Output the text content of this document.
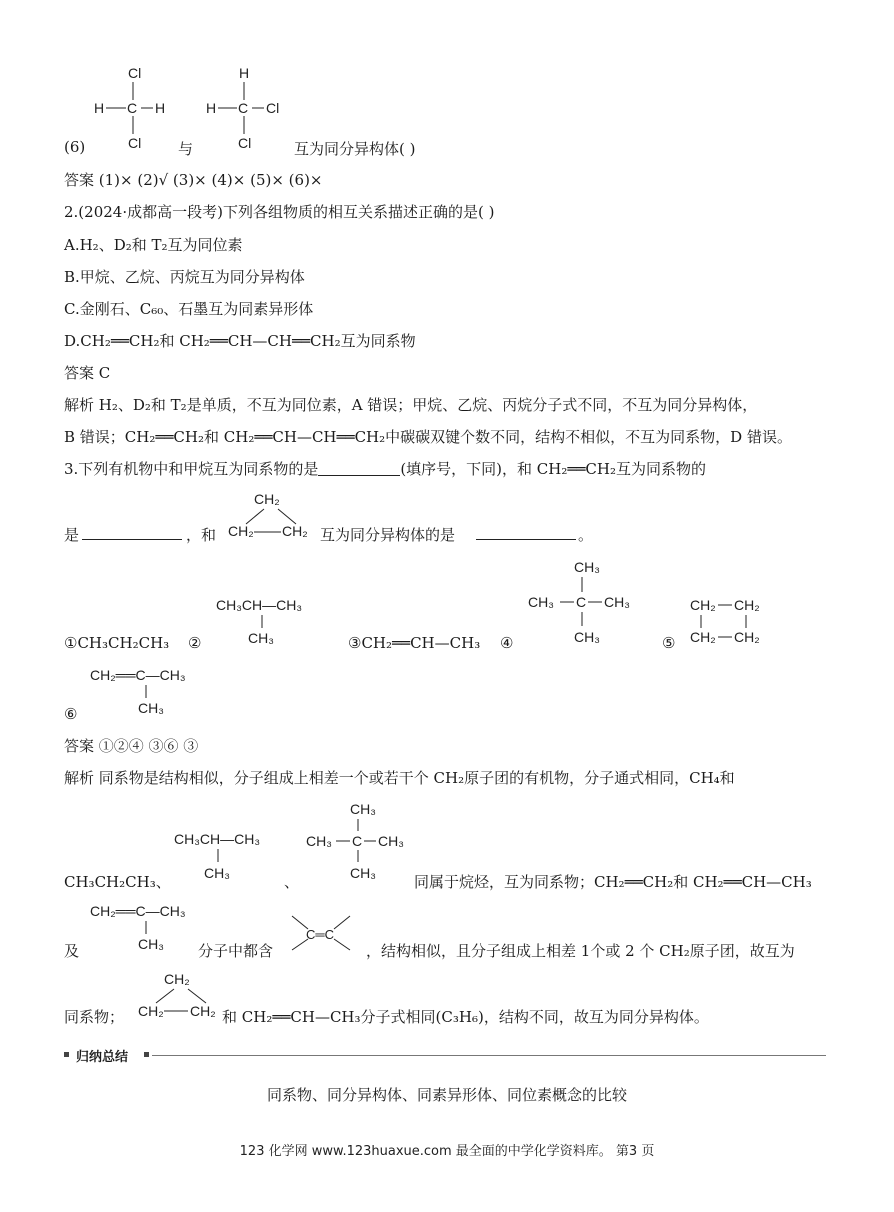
Cl
H C H
Cl
H
H C Cl
Cl
(6)	与	互为同分异构体( )
答案 (1)× (2)√ (3)× (4)× (5)× (6)×
2.(2024·成都高一段考)下列各组物质的相互关系描述正确的是( )
A.H₂、D₂和 T₂互为同位素
B.甲烷、乙烷、丙烷互为同分异构体
C.金刚石、C₆₀、石墨互为同素异形体
D.CH₂══CH₂和 CH₂══CH—CH══CH₂互为同系物
答案 C
解析 H₂、D₂和 T₂是单质，不互为同位素，A 错误；甲烷、乙烷、丙烷分子式不同，不互为同分异构体，
B 错误；CH₂══CH₂和 CH₂══CH—CH══CH₂中碳碳双键个数不同，结构不相似，不互为同系物，D 错误。
3.下列有机物中和甲烷互为同系物的是	(填序号，下同)，和 CH₂══CH₂互为同系物的
CH₂
CH₂ CH₂
是	，和	互为同分异构体的是	。
①CH₃CH₂CH₃ ②
CH₃CH—CH₃
CH₃	③CH₂══CH—CH₃ ④
CH₃
CH₃ C CH₃
CH₃	⑤
CH₂ CH₂
CH₂ CH₂
CH₂══C—CH₃
CH₃
⑥
答案 ①②④ ③⑥ ③
解析 同系物是结构相似，分子组成上相差一个或若干个 CH₂原子团的有机物，分子通式相同，CH₄和
CH₃CH—CH₃
CH₃
CH₃
CH₃ C CH₃
CH₃
CH₃CH₂CH₃、	、	同属于烷烃，互为同系物；CH₂══CH₂和 CH₂══CH—CH₃
CH₂══C—CH₃
CH₃
及	分子中都含
C═C
，结构相似，且分子组成上相差 1个或 2 个 CH₂原子团，故互为
CH₂
CH₂ CH₂
同系物；	和 CH₂══CH—CH₃分子式相同(C₃H₆)，结构不同，故互为同分异构体。
归纳总结
同系物、同分异构体、同素异形体、同位素概念的比较
123 化学网 www.123huaxue.com 最全面的中学化学资料库。 第3 页
